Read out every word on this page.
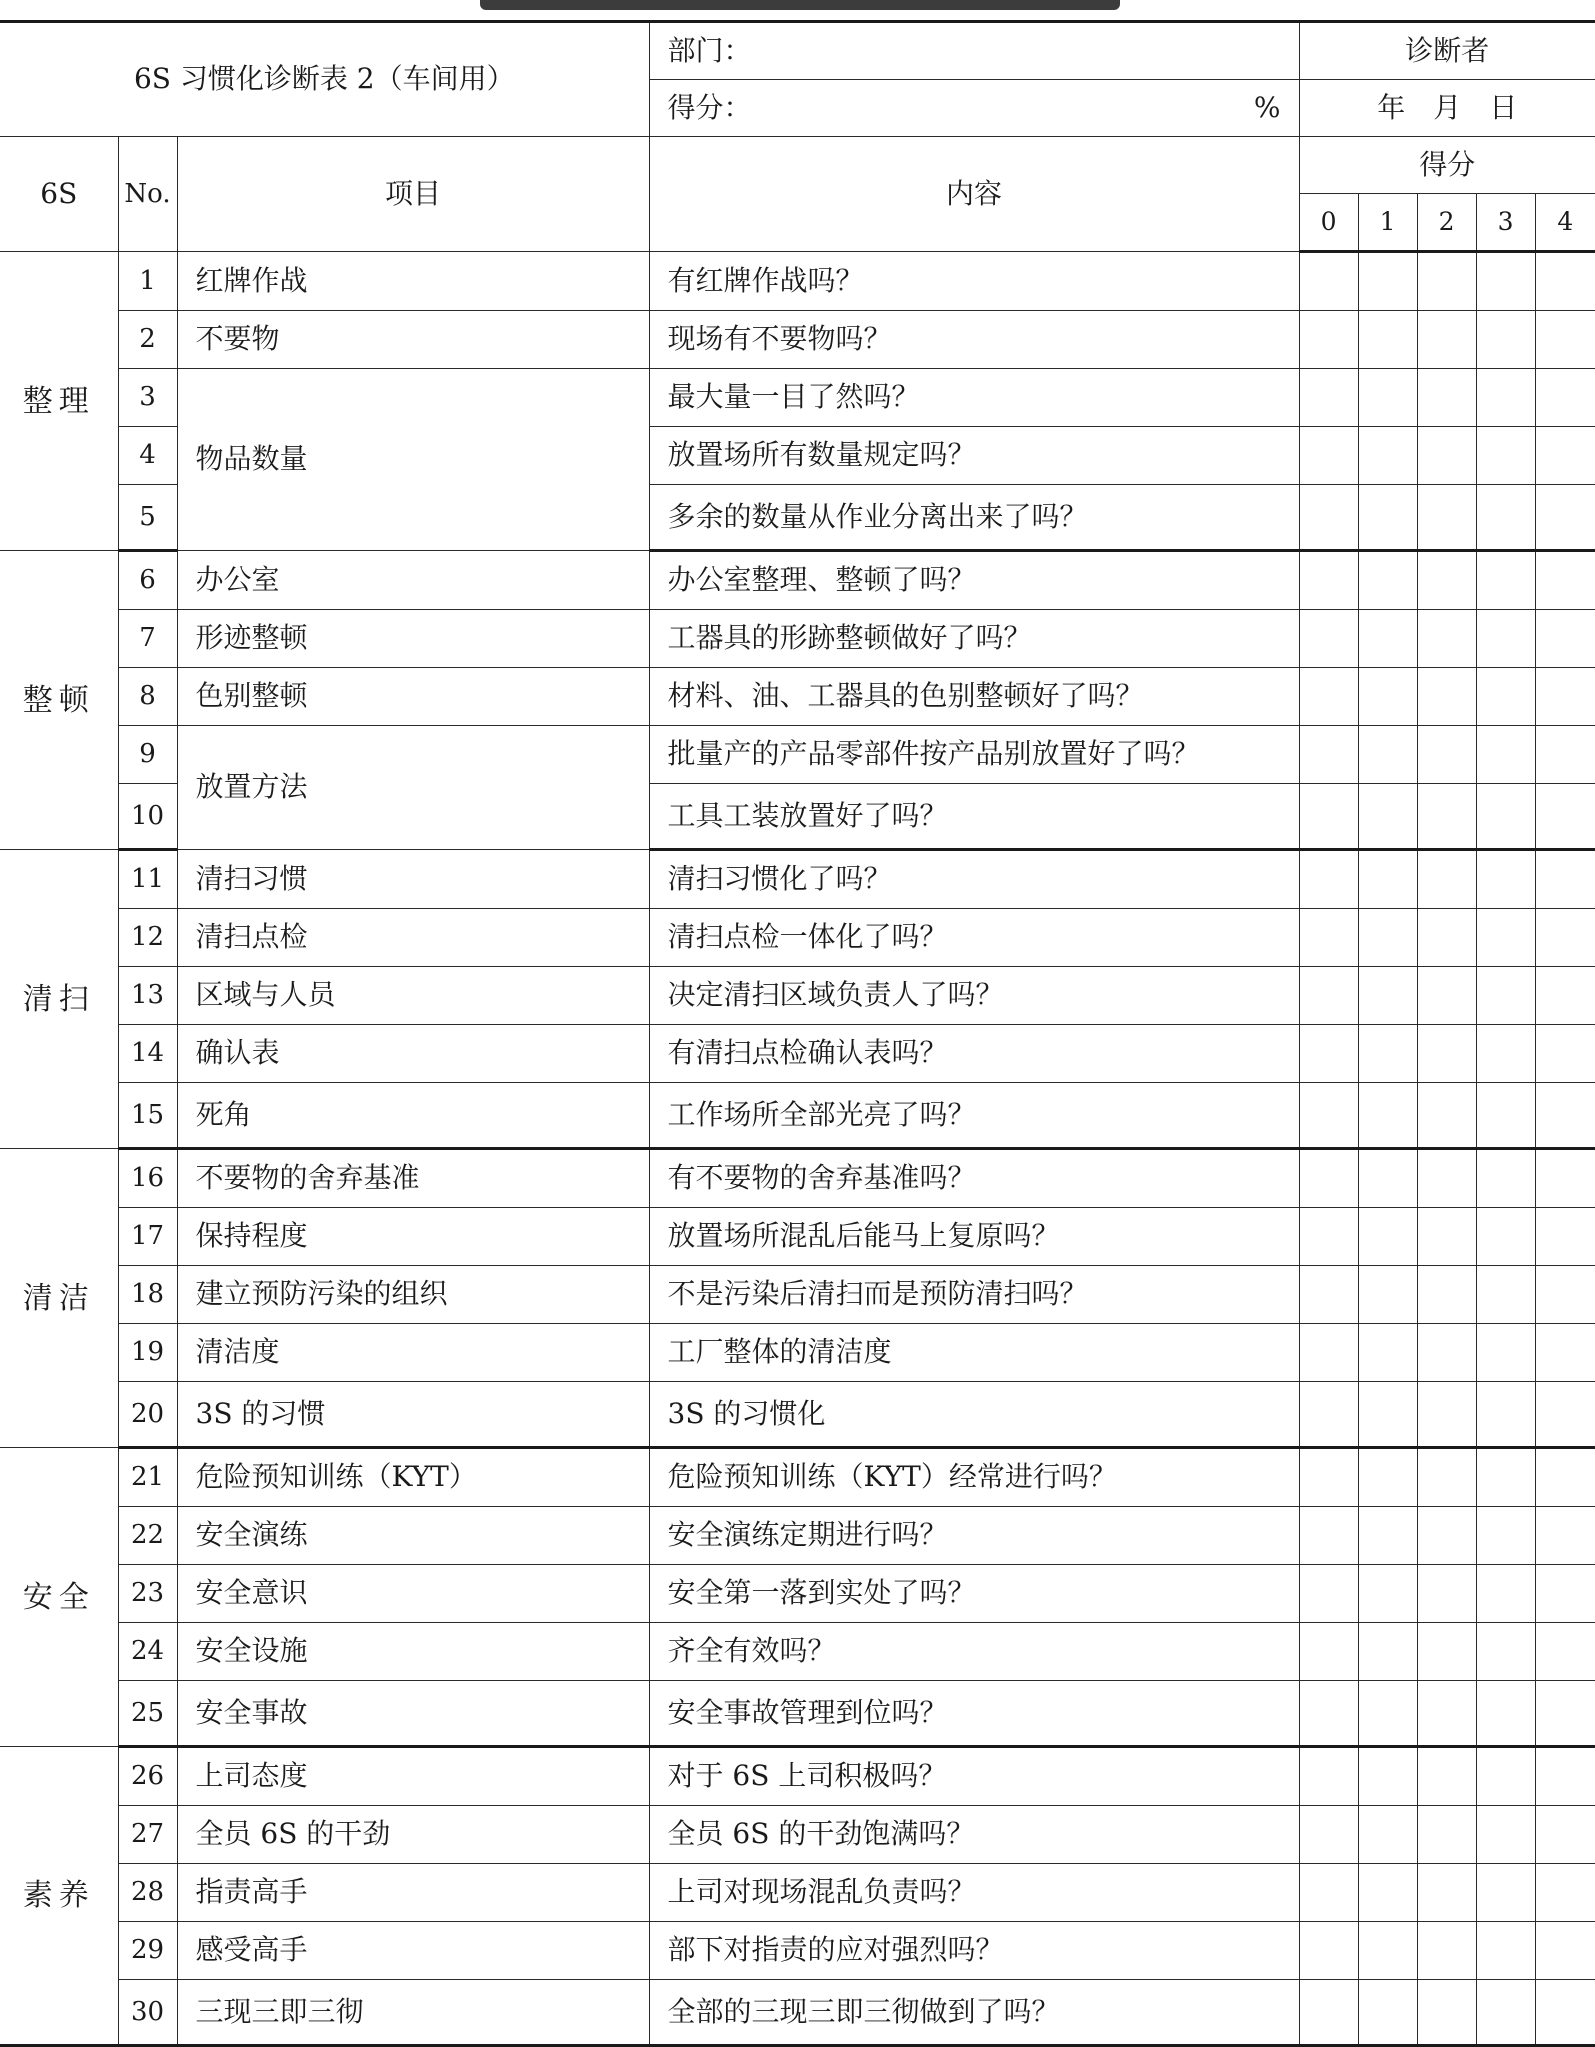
6S 习惯化诊断表 2（车间用）			部门：	诊断者				
			得分： %	年 月 日				
6S	No.	项目	内容	得分				
				0	1	2	3	4
整理	1	红牌作战	有红牌作战吗？					
	2	不要物	现场有不要物吗？					
	3	物品数量	最大量一目了然吗？					
	4		放置场所有数量规定吗？					
	5		多余的数量从作业分离出来了吗？					
整顿	6	办公室	办公室整理、整顿了吗？					
	7	形迹整顿	工器具的形跡整顿做好了吗？					
	8	色别整顿	材料、油、工器具的色别整顿好了吗？					
	9	放置方法	批量产的产品零部件按产品别放置好了吗？					
	10		工具工装放置好了吗？					
清扫	11	清扫习惯	清扫习惯化了吗？					
	12	清扫点检	清扫点检一体化了吗？					
	13	区域与人员	决定清扫区域负责人了吗？					
	14	确认表	有清扫点检确认表吗？					
	15	死角	工作场所全部光亮了吗？					
清洁	16	不要物的舍弃基准	有不要物的舍弃基准吗？					
	17	保持程度	放置场所混乱后能马上复原吗？					
	18	建立预防污染的组织	不是污染后清扫而是预防清扫吗？					
	19	清洁度	工厂整体的清洁度					
	20	3S 的习惯	3S 的习惯化					
安全	21	危险预知训练（KYT）	危险预知训练（KYT）经常进行吗？					
	22	安全演练	安全演练定期进行吗？					
	23	安全意识	安全第一落到实处了吗？					
	24	安全设施	齐全有效吗？					
	25	安全事故	安全事故管理到位吗？					
素养	26	上司态度	对于 6S 上司积极吗？					
	27	全员 6S 的干劲	全员 6S 的干劲饱满吗？					
	28	指责高手	上司对现场混乱负责吗？					
	29	感受高手	部下对指责的应对强烈吗？					
	30	三现三即三彻	全部的三现三即三彻做到了吗？					
